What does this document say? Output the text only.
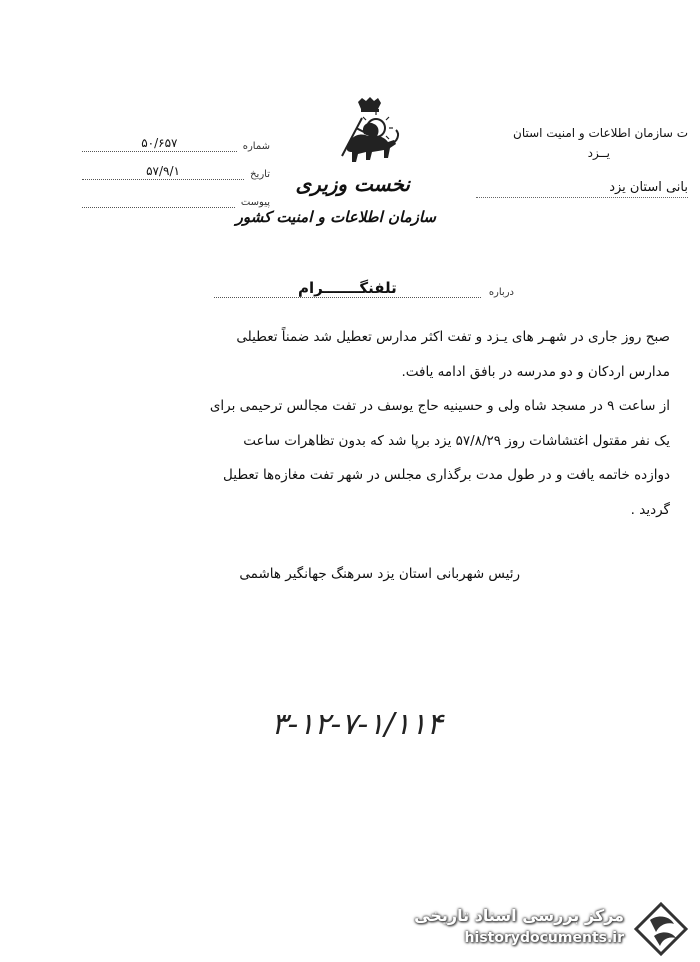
شماره
۵۰/۶۵۷
تاریخ
۵۷/۹/۱
پیوست
نخست وزیری
سازمان اطلاعات و امنیت کشور
ت سازمان اطلاعات و امنیت استان
یــزد
بانی استان یزد
درباره
تلفنگـــــــرام
صبح روز جاری در شهـر های یـزد و تفت اکثر مدارس تعطیل شد ضمناً تعطیلی
مدارس اردکان و دو مدرسه در بافق ادامه یافت.
از ساعت ۹ در مسجد شاه ولی و حسینیه حاج یوسف در تفت مجالس ترحیمی برای
یک نفر مقتول اغتشاشات روز ۵۷/۸/۲۹ یزد برپا شد که بدون تظاهرات ساعت
دوازده خاتمه یافت و در طول مدت برگذاری مجلس در شهر تفت مغازه‌ها تعطیل
گردید .
رئیس شهربانی استان یزد سرهنگ جهانگیر هاشمی
۳-۱۲-۷-۱/۱۱۴
مرکز بررسی اسناد تاریخی
historydocuments.ir
